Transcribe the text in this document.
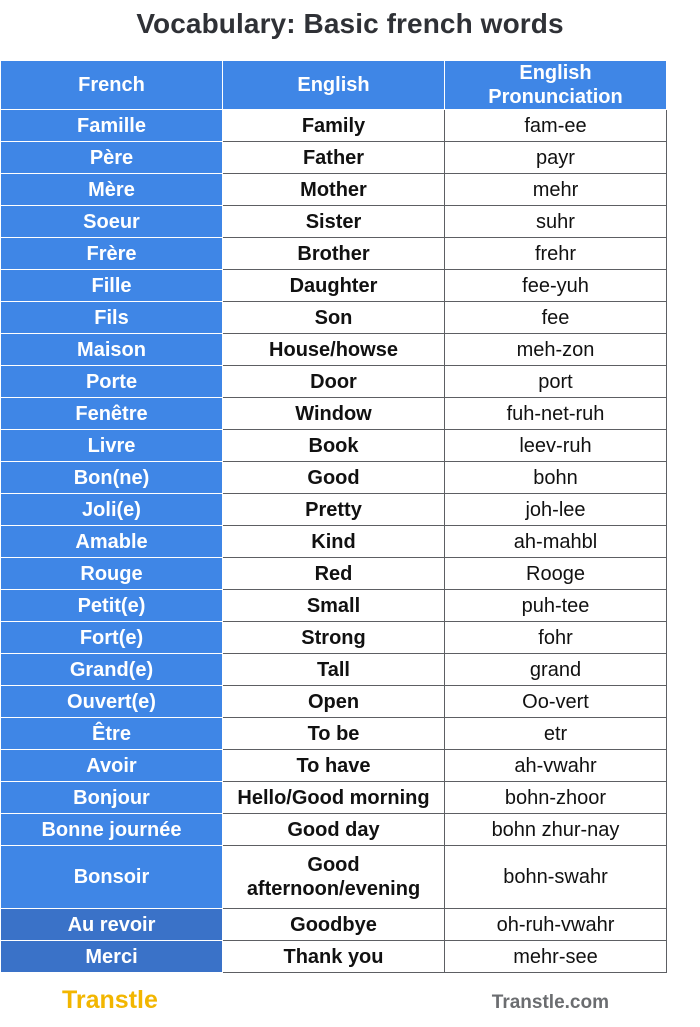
Vocabulary: Basic french words
French	English	English Pronunciation
Famille	Family	fam-ee
Père	Father	payr
Mère	Mother	mehr
Soeur	Sister	suhr
Frère	Brother	frehr
Fille	Daughter	fee-yuh
Fils	Son	fee
Maison	House/howse	meh-zon
Porte	Door	port
Fenêtre	Window	fuh-net-ruh
Livre	Book	leev-ruh
Bon(ne)	Good	bohn
Joli(e)	Pretty	joh-lee
Amable	Kind	ah-mahbl
Rouge	Red	Rooge
Petit(e)	Small	puh-tee
Fort(e)	Strong	fohr
Grand(e)	Tall	grand
Ouvert(e)	Open	Oo-vert
Être	To be	etr
Avoir	To have	ah-vwahr
Bonjour	Hello/Good morning	bohn-zhoor
Bonne journée	Good day	bohn zhur-nay
Bonsoir	Good afternoon/evening	bohn-swahr
Au revoir	Goodbye	oh-ruh-vwahr
Merci	Thank you	mehr-see
Transtle	Transtle.com
